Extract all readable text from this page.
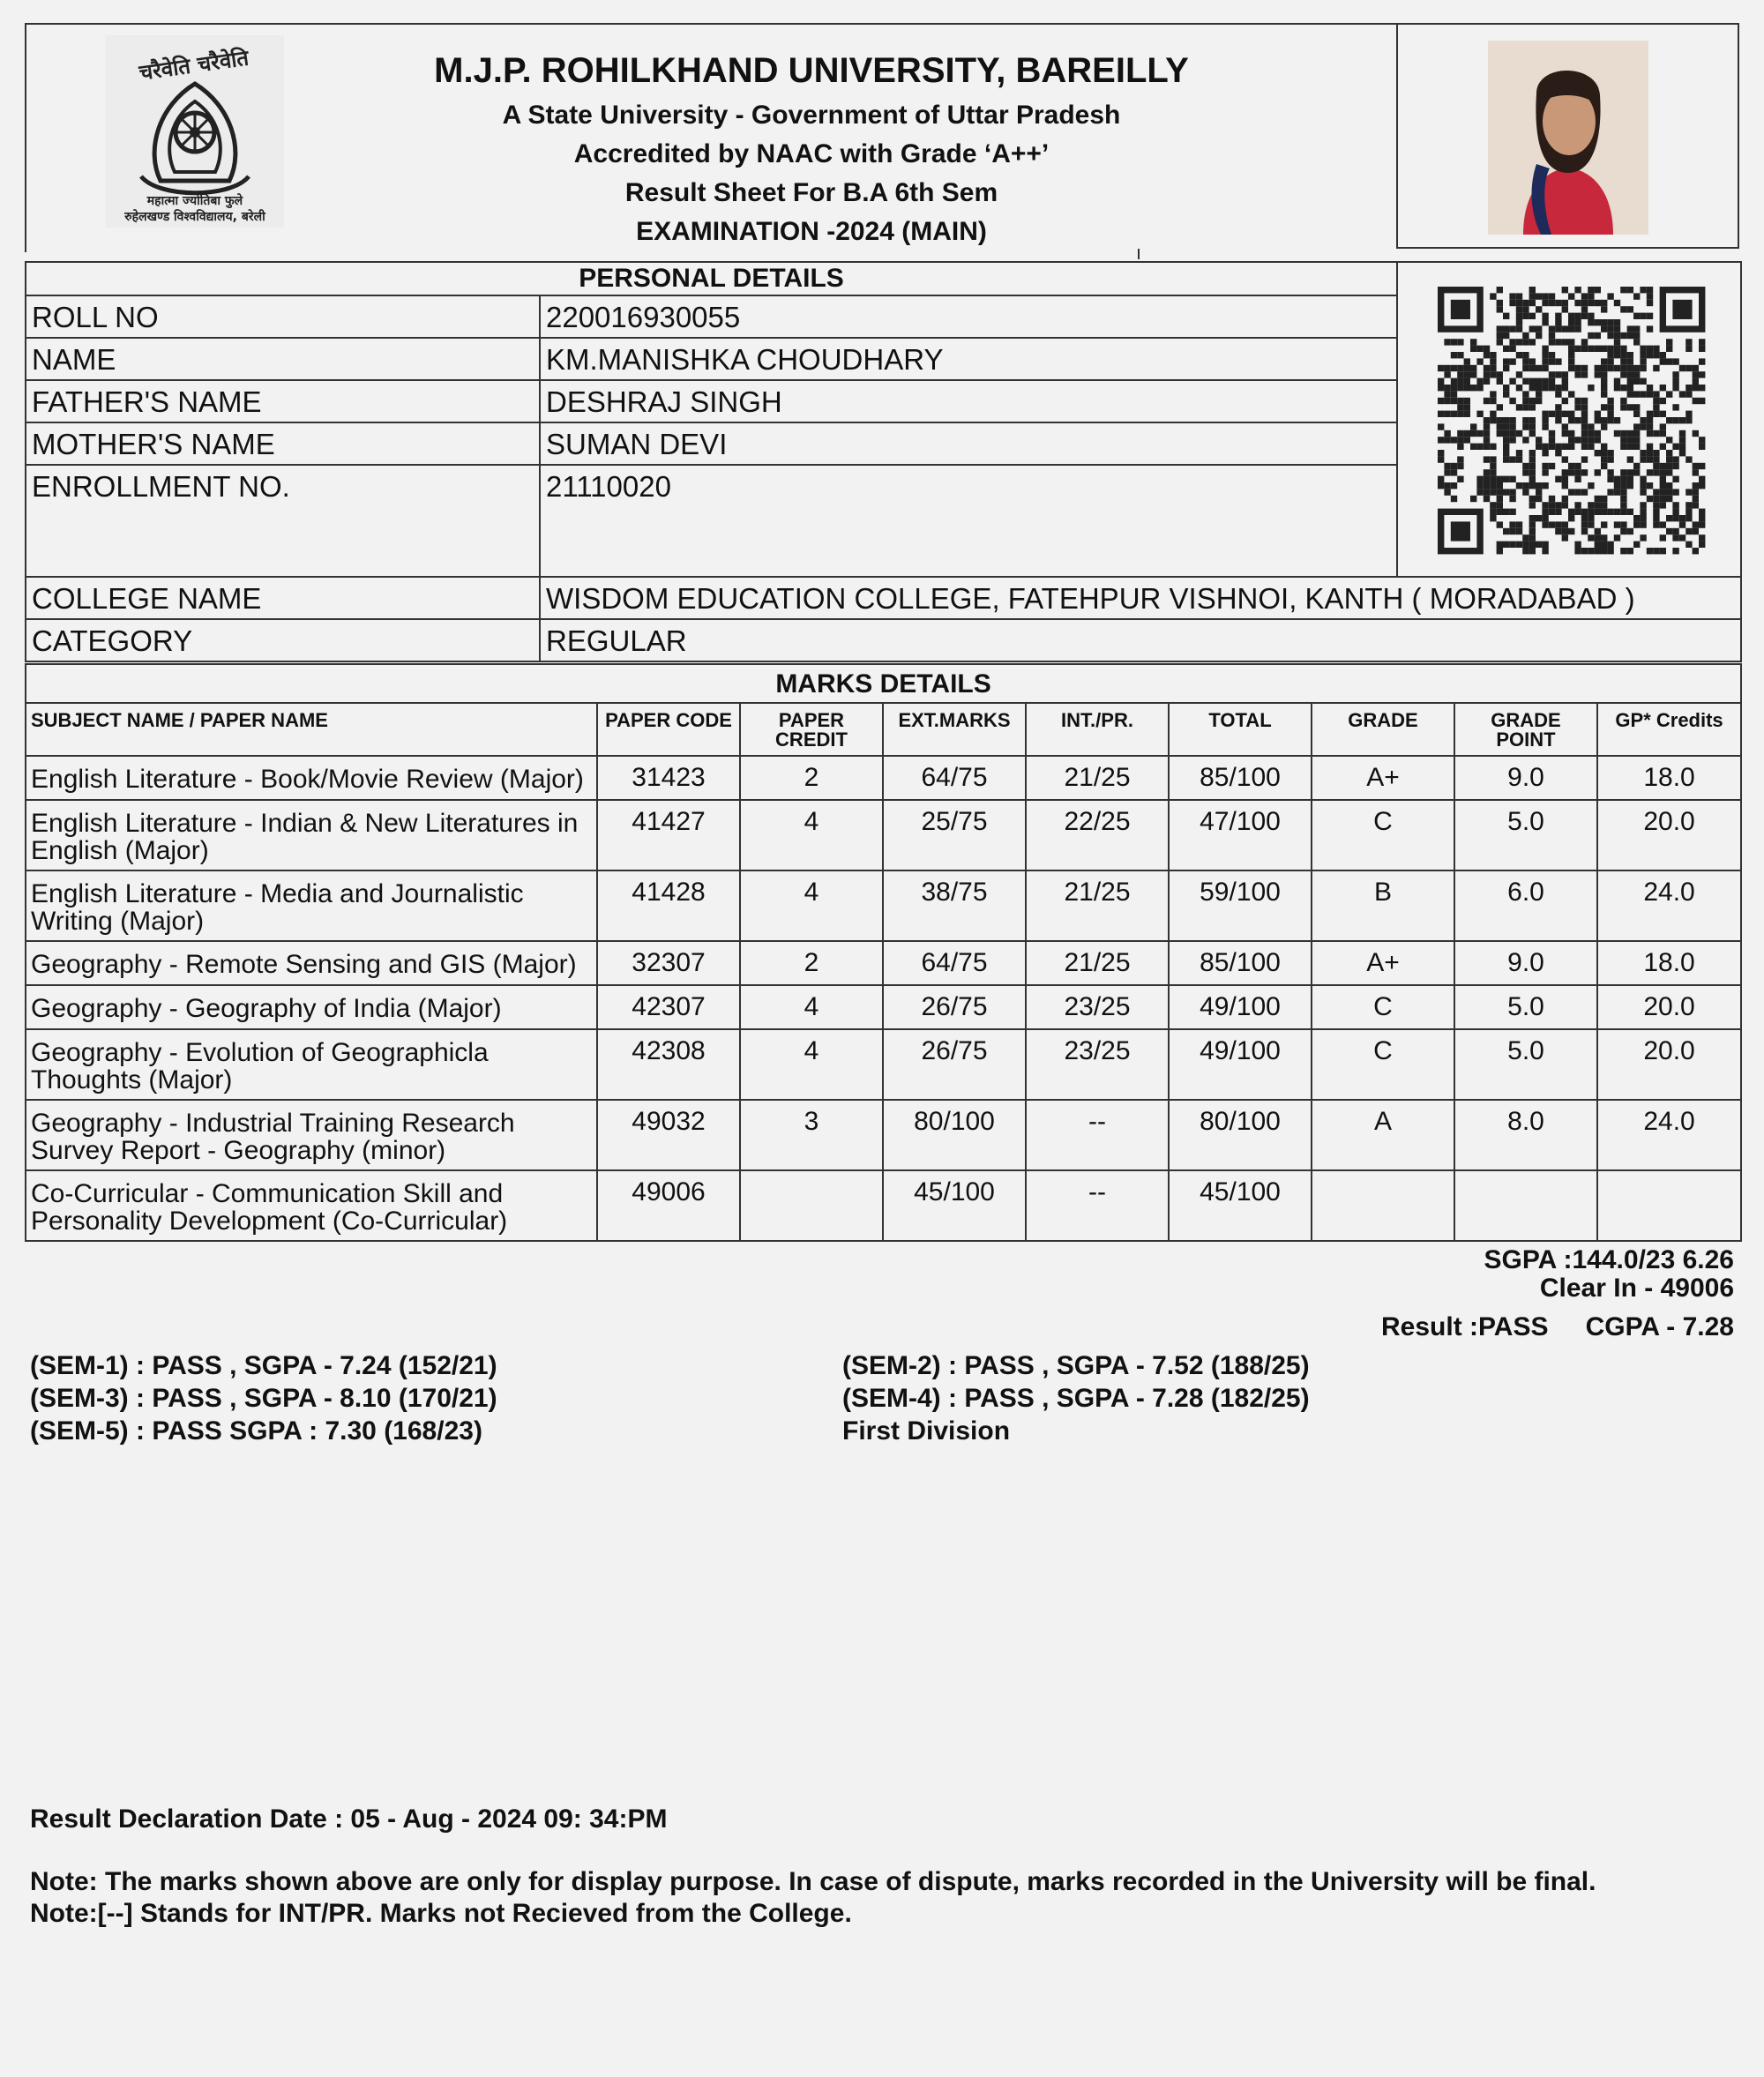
चरैवेति चरैवेति
महात्मा ज्योतिबा फुले
रुहेलखण्ड विश्वविद्यालय, बरेली
M.J.P. ROHILKHAND UNIVERSITY, BAREILLY
A State University - Government of Uttar Pradesh
Accredited by NAAC with Grade ‘A++’
Result Sheet For B.A 6th Sem
EXAMINATION -2024 (MAIN)
PERSONAL DETAILS		
ROLL NO	220016930055	
NAME	KM.MANISHKA CHOUDHARY	
FATHER'S NAME	DESHRAJ SINGH	
MOTHER'S NAME	SUMAN DEVI	
ENROLLMENT NO.	21110020	
COLLEGE NAME	WISDOM EDUCATION COLLEGE, FATEHPUR VISHNOI, KANTH ( MORADABAD )	
CATEGORY	REGULAR	
MARKS DETAILS								
SUBJECT NAME / PAPER NAME	PAPER CODE	PAPER CREDIT	EXT.MARKS	INT./PR.	TOTAL	GRADE	GRADE POINT	GP* Credits
English Literature - Book/Movie Review (Major)	31423	2	64/75	21/25	85/100	A+	9.0	18.0
English Literature - Indian & New Literatures in English (Major)	41427	4	25/75	22/25	47/100	C	5.0	20.0
English Literature - Media and Journalistic Writing (Major)	41428	4	38/75	21/25	59/100	B	6.0	24.0
Geography - Remote Sensing and GIS (Major)	32307	2	64/75	21/25	85/100	A+	9.0	18.0
Geography - Geography of India (Major)	42307	4	26/75	23/25	49/100	C	5.0	20.0
Geography - Evolution of Geographicla Thoughts (Major)	42308	4	26/75	23/25	49/100	C	5.0	20.0
Geography - Industrial Training Research Survey Report - Geography (minor)	49032	3	80/100	--	80/100	A	8.0	24.0
Co-Curricular - Communication Skill and Personality Development (Co-Curricular)	49006		45/100	--	45/100			
SGPA :144.0/23 6.26
Clear In - 49006
Result :PASS CGPA - 7.28
(SEM-1) : PASS , SGPA - 7.24 (152/21)	(SEM-2) : PASS , SGPA - 7.52 (188/25)
(SEM-3) : PASS , SGPA - 8.10 (170/21)	(SEM-4) : PASS , SGPA - 7.28 (182/25)
(SEM-5) : PASS SGPA : 7.30 (168/23)	First Division
Result Declaration Date : 05 - Aug - 2024 09: 34:PM
Note: The marks shown above are only for display purpose. In case of dispute, marks recorded in the University will be final.
Note:[--] Stands for INT/PR. Marks not Recieved from the College.
